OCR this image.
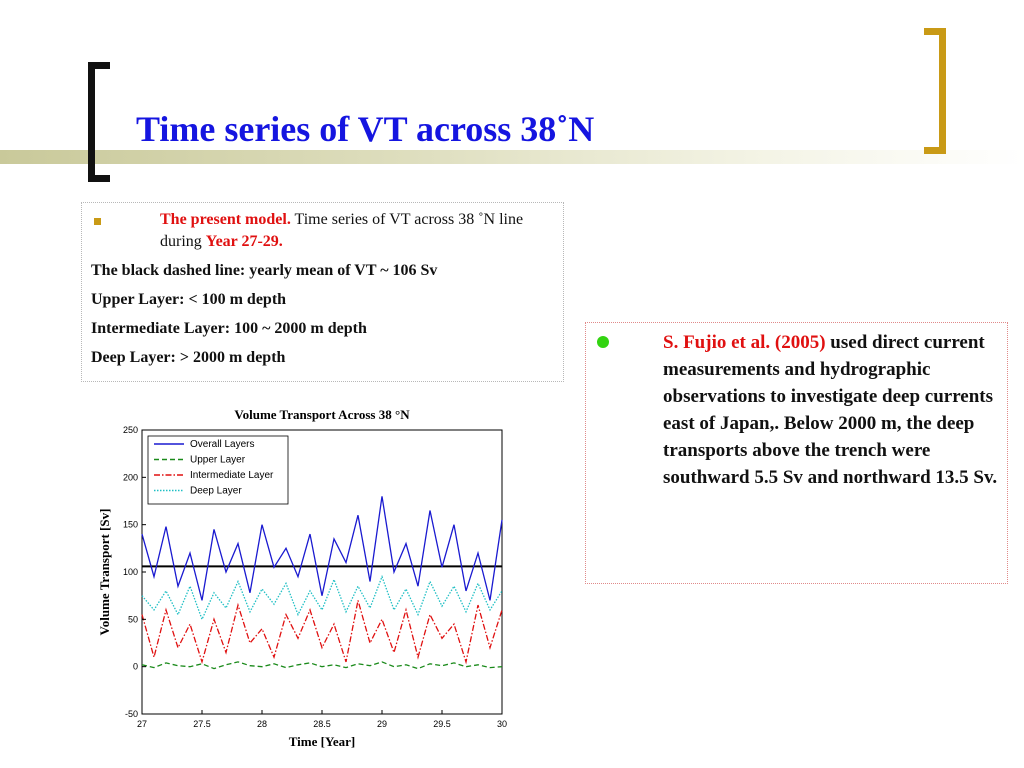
Time series of VT across 38˚N
The present model. Time series of VT across 38 ˚N line during Year 27-29.
The black dashed line: yearly mean of VT ~ 106 Sv
Upper Layer: < 100 m depth
Intermediate Layer: 100 ~ 2000 m depth
Deep Layer: > 2000 m depth
S. Fujio et al. (2005) used direct current measurements and hydrographic observations to investigate deep currents east of Japan,. Below 2000 m, the deep transports above the trench were southward 5.5 Sv and northward 13.5 Sv.
Volume Transport Across 38 °N
-50
0
50
100
150
200
250
27	27.5	28	28.5	29	29.5	30
Time [Year]
Volume Transport [Sv]
Overall Layers
Upper Layer
Intermediate Layer
Deep Layer
